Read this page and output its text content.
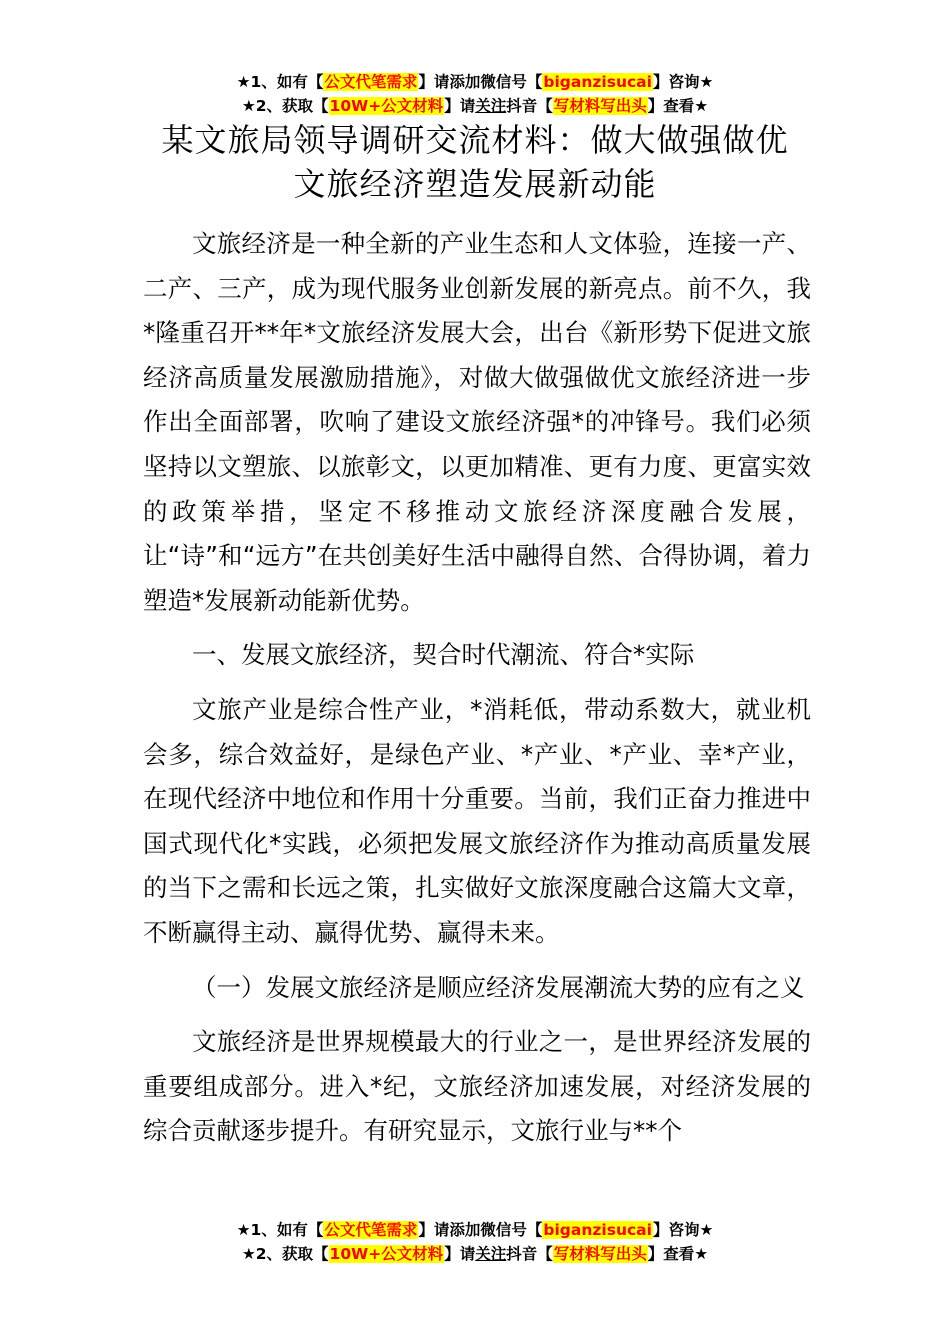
★1、如有【公文代笔需求】请添加微信号【biganzisucai】咨询★
★2、获取【10W+公文材料】请关注抖音【写材料写出头】查看★
某文旅局领导调研交流材料：做大做强做优
文旅经济塑造发展新动能

文旅经济是一种全新的产业生态和人文体验，连接一产、二产、三产，成为现代服务业创新发展的新亮点。前不久，我*隆重召开**年*文旅经济发展大会，出台《新形势下促进文旅经济高质量发展激励措施》，对做大做强做优文旅经济进一步作出全面部署，吹响了建设文旅经济强*的冲锋号。我们必须坚持以文塑旅、以旅彰文，以更加精准、更有力度、更富实效的政策举措，坚定不移推动文旅经济深度融合发展，让“诗”和“远方”在共创美好生活中融得自然、合得协调，着力塑造*发展新动能新优势。

一、发展文旅经济，契合时代潮流、符合*实际

文旅产业是综合性产业，*消耗低，带动系数大，就业机会多，综合效益好，是绿色产业、*产业、*产业、幸*产业，在现代经济中地位和作用十分重要。当前，我们正奋力推进中国式现代化*实践，必须把发展文旅经济作为推动高质量发展的当下之需和长远之策，扎实做好文旅深度融合这篇大文章，不断赢得主动、赢得优势、赢得未来。

（一）发展文旅经济是顺应经济发展潮流大势的应有之义

文旅经济是世界规模最大的行业之一，是世界经济发展的重要组成部分。进入*纪，文旅经济加速发展，对经济发展的综合贡献逐步提升。有研究显示，文旅行业与**个

★1、如有【公文代笔需求】请添加微信号【biganzisucai】咨询★
★2、获取【10W+公文材料】请关注抖音【写材料写出头】查看★
